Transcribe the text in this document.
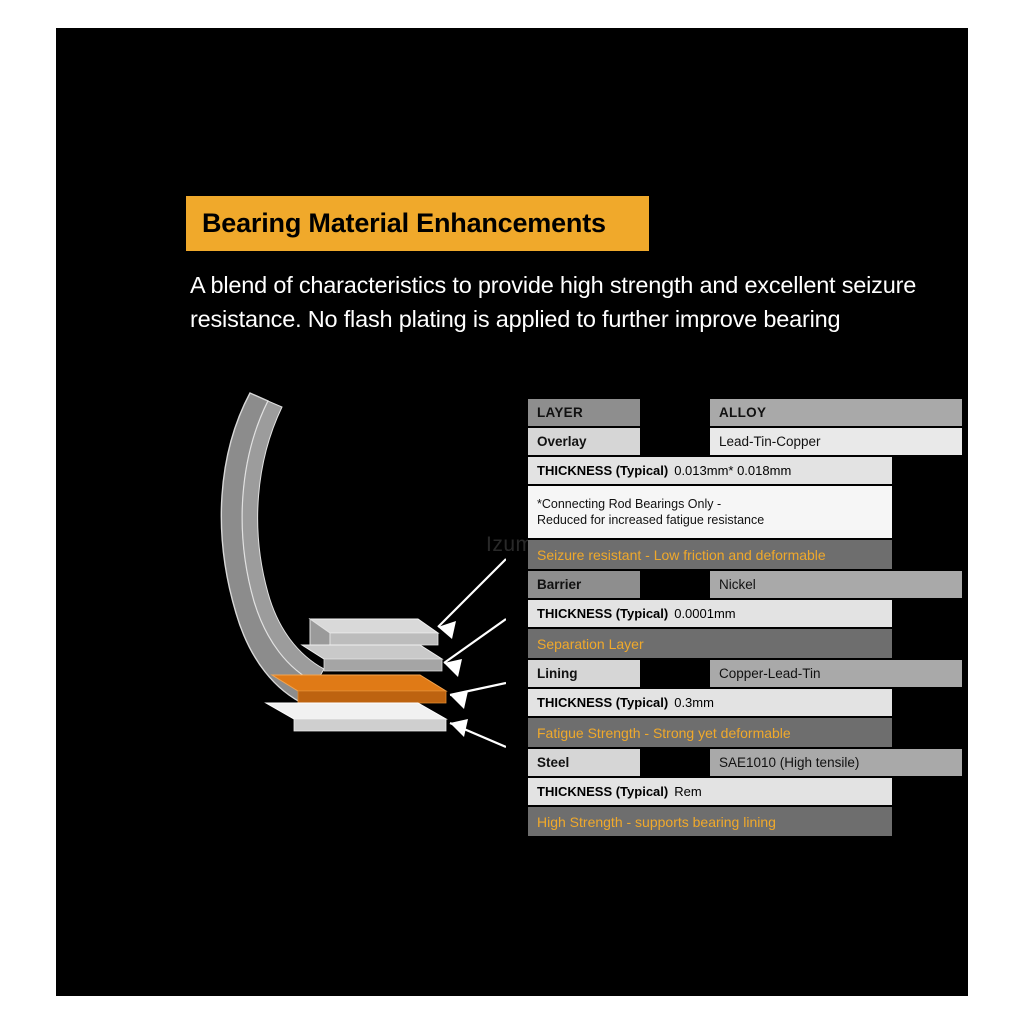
Izumo
Bearing Material Enhancements
A blend of characteristics to provide high strength and excellent seizure resistance. No flash plating is applied to further improve bearing
LAYER	ALLOY

Overlay	Lead-Tin-Copper

THICKNESS (Typical) 0.013mm* 0.018mm	

*Connecting Rod Bearings Only -
Reduced for increased fatigue resistance	

Seizure resistant - Low friction and deformable	

Barrier	Nickel

THICKNESS (Typical) 0.0001mm	

Separation Layer	

Lining	Copper-Lead-Tin

THICKNESS (Typical) 0.3mm	

Fatigue Strength - Strong yet deformable	

Steel	SAE1010 (High tensile)

THICKNESS (Typical) Rem	

High Strength - supports bearing lining	
